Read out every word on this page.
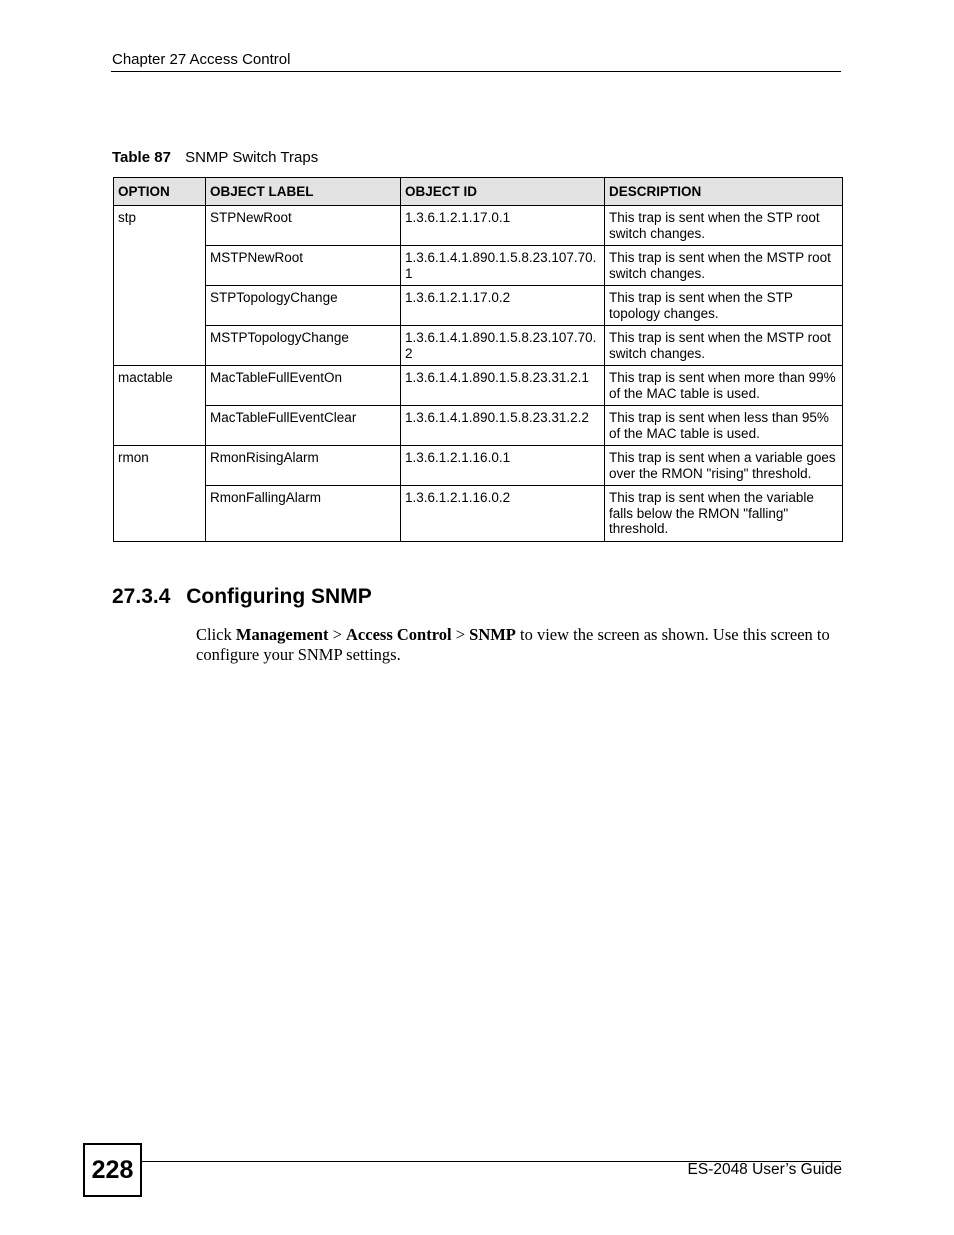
Chapter 27 Access Control
Table 87 SNMP Switch Traps
OPTION	OBJECT LABEL	OBJECT ID	DESCRIPTION
stp	STPNewRoot	1.3.6.1.2.1.17.0.1	This trap is sent when the STP root switch changes.
	MSTPNewRoot	1.3.6.1.4.1.890.1.5.8.23.107.70.1	This trap is sent when the MSTP root switch changes.
	STPTopologyChange	1.3.6.1.2.1.17.0.2	This trap is sent when the STP topology changes.
	MSTPTopologyChange	1.3.6.1.4.1.890.1.5.8.23.107.70.2	This trap is sent when the MSTP root switch changes.
mactable	MacTableFullEventOn	1.3.6.1.4.1.890.1.5.8.23.31.2.1	This trap is sent when more than 99% of the MAC table is used.
	MacTableFullEventClear	1.3.6.1.4.1.890.1.5.8.23.31.2.2	This trap is sent when less than 95% of the MAC table is used.
rmon	RmonRisingAlarm	1.3.6.1.2.1.16.0.1	This trap is sent when a variable goes over the RMON "rising" threshold.
	RmonFallingAlarm	1.3.6.1.2.1.16.0.2	This trap is sent when the variable falls below the RMON "falling" threshold.
27.3.4 Configuring SNMP

Click Management > Access Control > SNMP to view the screen as shown. Use this screen to configure your SNMP settings.

228	ES-2048 User’s Guide
